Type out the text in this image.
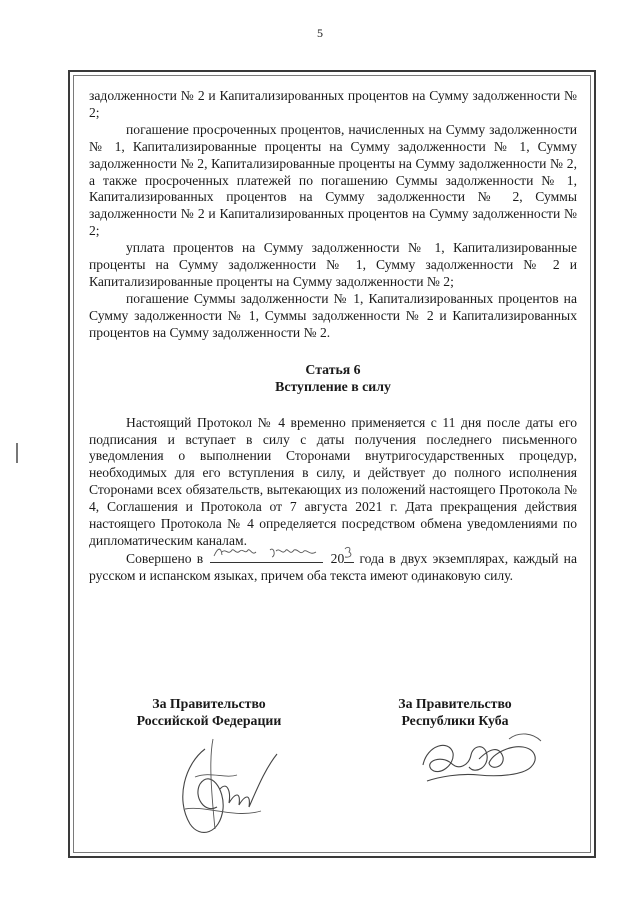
5

задолженности № 2 и Капитализированных процентов на Сумму задолженности № 2;

погашение просроченных процентов, начисленных на Сумму задолженности № 1, Капитализированные проценты на Сумму задолженности № 1, Сумму задолженности № 2, Капитализированные проценты на Сумму задолженности № 2, а также просроченных платежей по погашению Суммы задолженности № 1, Капитализированных процентов на Сумму задолженности № 2, Суммы задолженности № 2 и Капитализированных процентов на Сумму задолженности № 2;

уплата процентов на Сумму задолженности № 1, Капитализированные проценты на Сумму задолженности № 1, Сумму задолженности № 2 и Капитализированные проценты на Сумму задолженности № 2;

погашение Суммы задолженности № 1, Капитализированных процентов на Сумму задолженности № 1, Суммы задолженности № 2 и Капитализированных процентов на Сумму задолженности № 2.

Статья 6

Вступление в силу

Настоящий Протокол № 4 временно применяется с 11 дня после даты его подписания и вступает в силу с даты получения последнего письменного уведомления о выполнении Сторонами внутригосударственных процедур, необходимых для его вступления в силу, и действует до полного исполнения Сторонами всех обязательств, вытекающих из положений настоящего Протокола № 4, Соглашения и Протокола от 7 августа 2021 г. Дата прекращения действия настоящего Протокола № 4 определяется посредством обмена уведомлениями по дипломатическим каналам.

Совершено в	20 года в двух экземплярах, каждый на русском и испанском языках, причем оба текста имеют одинаковую силу.

За Правительство
Российской Федерации
За Правительство
Республики Куба
